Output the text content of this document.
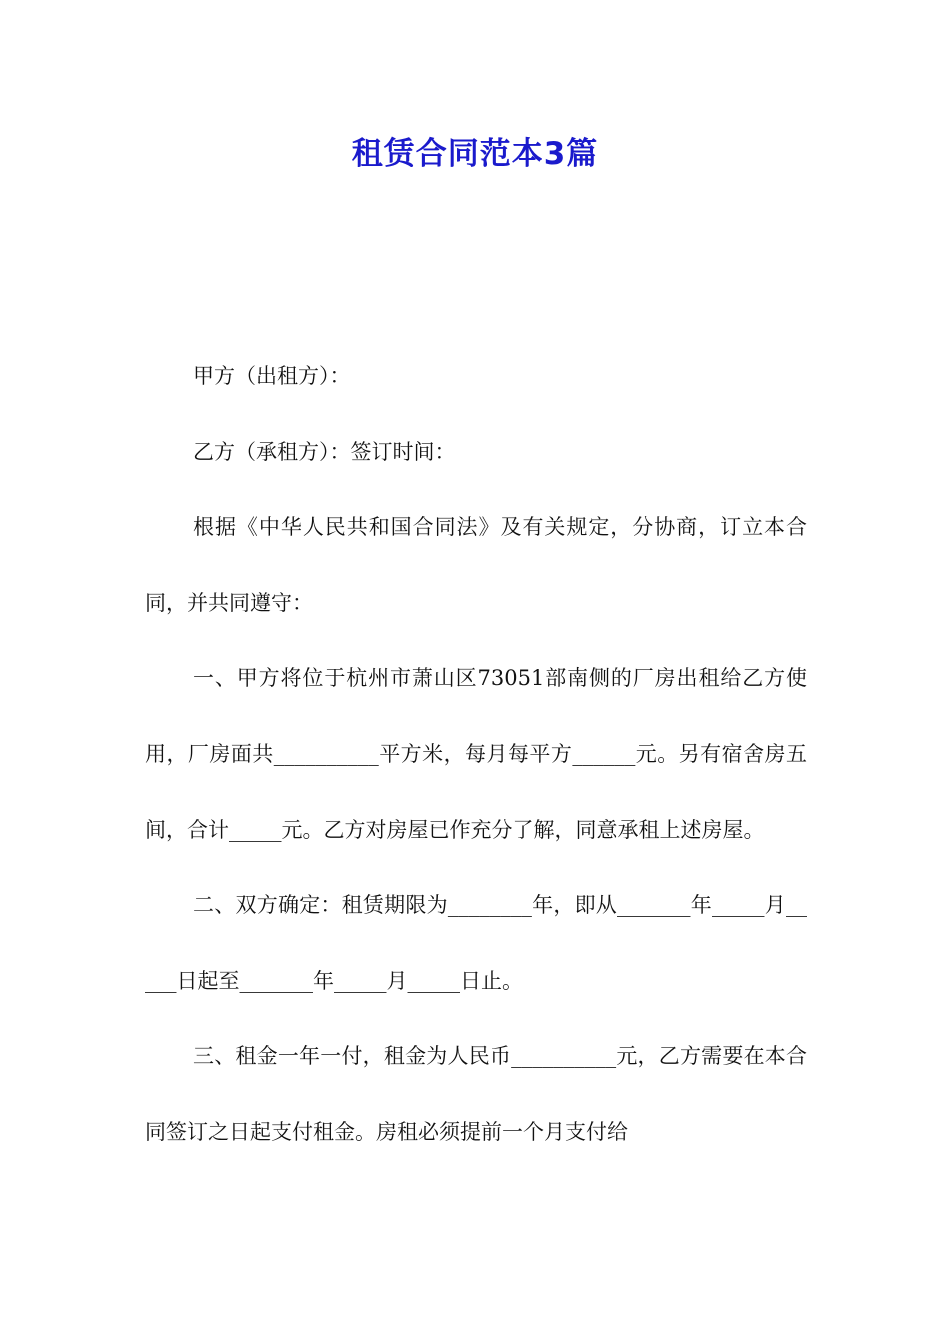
租赁合同范本3篇

甲方（出租方）：

乙方（承租方）：签订时间：

根据《中华人民共和国合同法》及有关规定，分协商，订立本合同，并共同遵守：

一、甲方将位于杭州市萧山区73051部南侧的厂房出租给乙方使用，厂房面共__________平方米，每月每平方______元。另有宿舍房五间，合计_____元。乙方对房屋已作充分了解，同意承租上述房屋。

二、双方确定：租赁期限为________年，即从_______年_____月_____日起至_______年_____月_____日止。

三、租金一年一付，租金为人民币__________元，乙方需要在本合同签订之日起支付租金。房租必须提前一个月支付给
